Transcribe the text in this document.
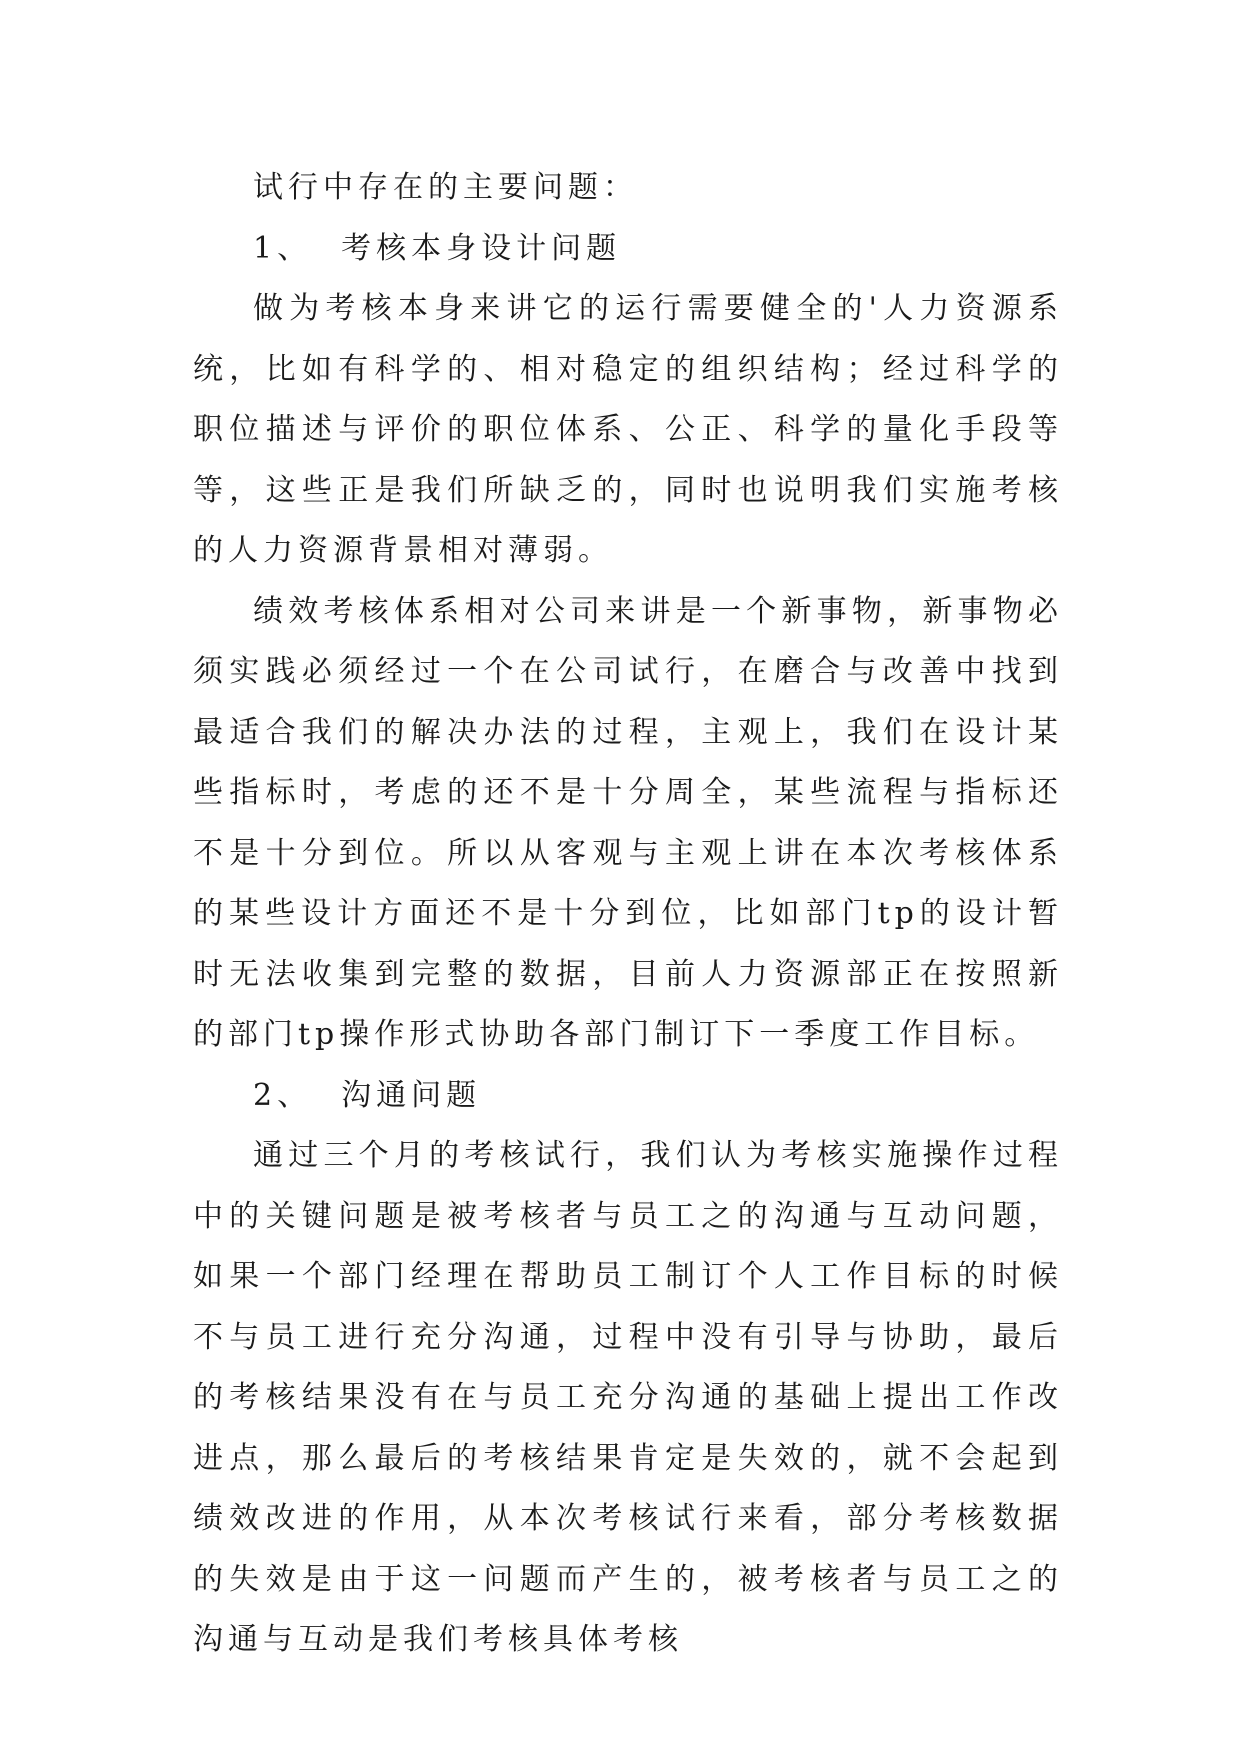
试行中存在的主要问题：

1、  考核本身设计问题

做为考核本身来讲它的运行需要健全的'人力资源系统，比如有科学的、相对稳定的组织结构；经过科学的职位描述与评价的职位体系、公正、科学的量化手段等等，这些正是我们所缺乏的，同时也说明我们实施考核的人力资源背景相对薄弱。

绩效考核体系相对公司来讲是一个新事物，新事物必须实践必须经过一个在公司试行，在磨合与改善中找到最适合我们的解决办法的过程，主观上，我们在设计某些指标时，考虑的还不是十分周全，某些流程与指标还不是十分到位。所以从客观与主观上讲在本次考核体系的某些设计方面还不是十分到位，比如部门tp的设计暂时无法收集到完整的数据，目前人力资源部正在按照新的部门tp操作形式协助各部门制订下一季度工作目标。

2、  沟通问题

通过三个月的考核试行，我们认为考核实施操作过程中的关键问题是被考核者与员工之的沟通与互动问题，如果一个部门经理在帮助员工制订个人工作目标的时候不与员工进行充分沟通，过程中没有引导与协助，最后的考核结果没有在与员工充分沟通的基础上提出工作改进点，那么最后的考核结果肯定是失效的，就不会起到绩效改进的作用，从本次考核试行来看，部分考核数据的失效是由于这一问题而产生的，被考核者与员工之的沟通与互动是我们考核具体考核
